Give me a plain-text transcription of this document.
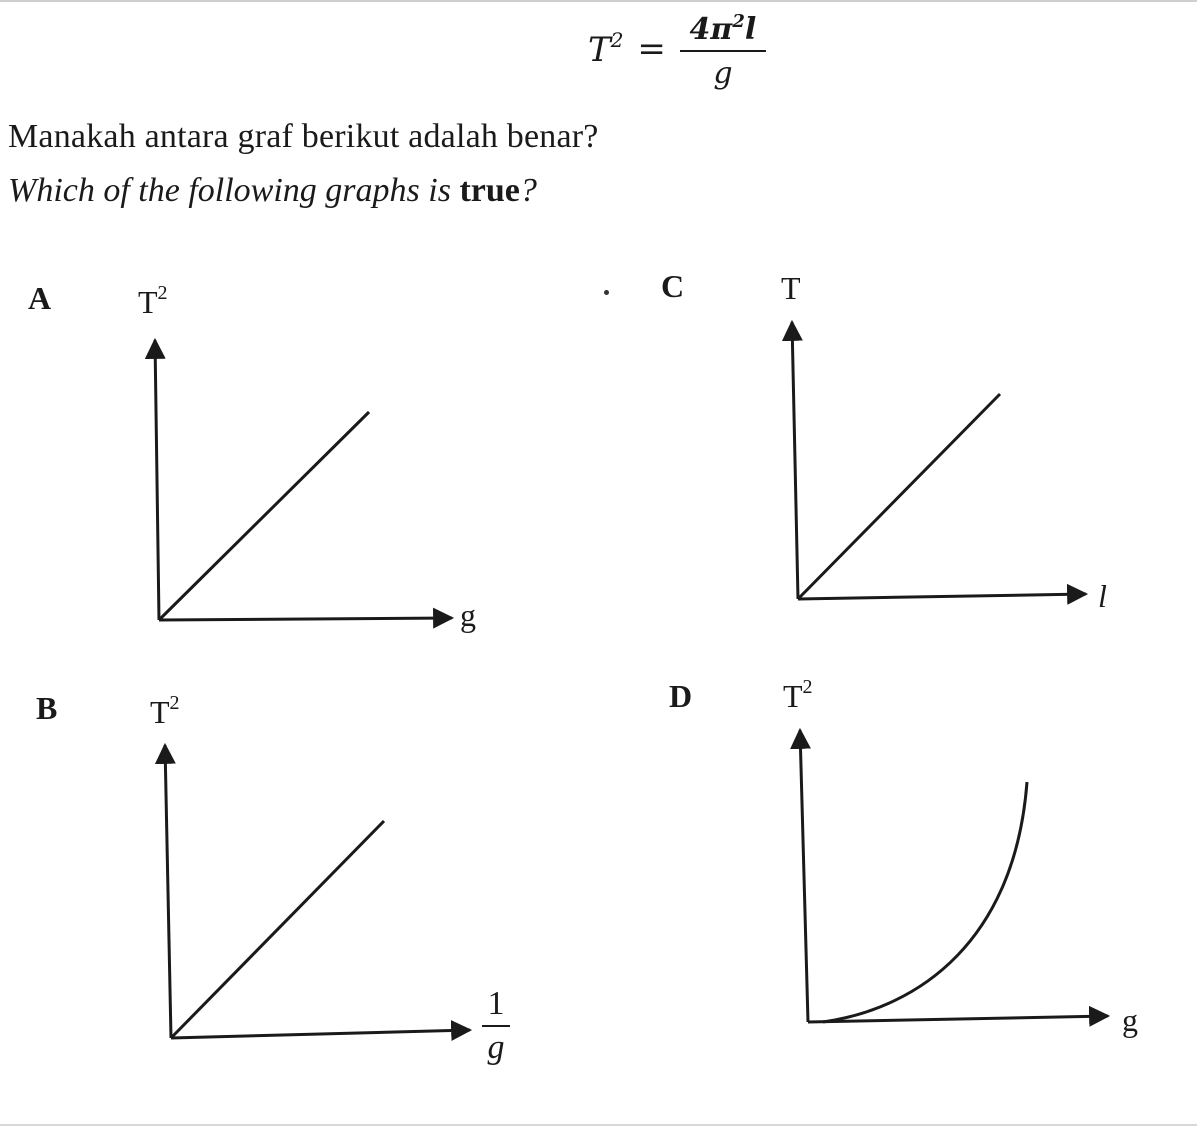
$T^2 = \frac{4\pi^2l}{g}$
Manakah antara graf berikut adalah benar?
Which of the following graphs is true?
A	$T^2$
g
C	T
l
B	$T^2$
1
g
D	$T^2$
g
